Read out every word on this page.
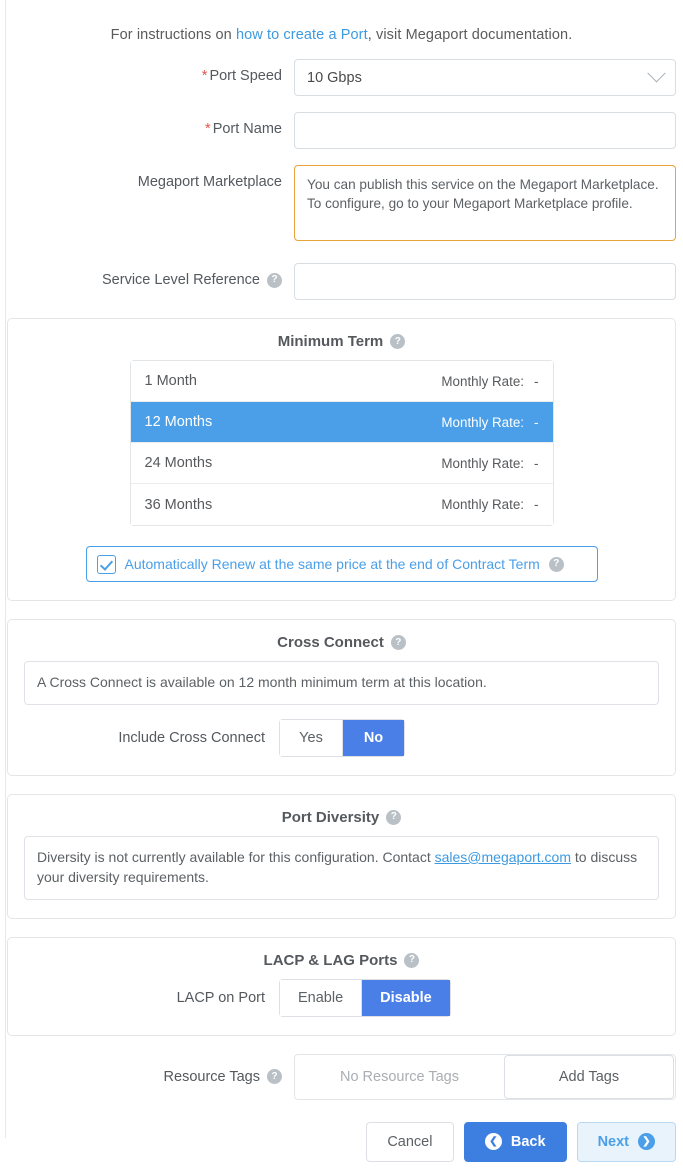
For instructions on how to create a Port, visit Megaport documentation.
* Port Speed	10 Gbps
* Port Name
Megaport Marketplace	You can publish this service on the Megaport Marketplace. To configure, go to your Megaport Marketplace profile.
Service Level Reference	?
Minimum Term	?
1 Month	Monthly Rate: -
12 Months	Monthly Rate: -
24 Months	Monthly Rate: -
36 Months	Monthly Rate: -
Automatically Renew at the same price at the end of Contract Term	?
Cross Connect	?
A Cross Connect is available on 12 month minimum term at this location.
Include Cross Connect	Yes	No
Port Diversity	?
Diversity is not currently available for this configuration. Contact sales@megaport.com to discuss your diversity requirements.
LACP & LAG Ports	?
LACP on Port	Enable	Disable
Resource Tags	?	No Resource Tags	Add Tags
Cancel	❮ Back	Next	❯
